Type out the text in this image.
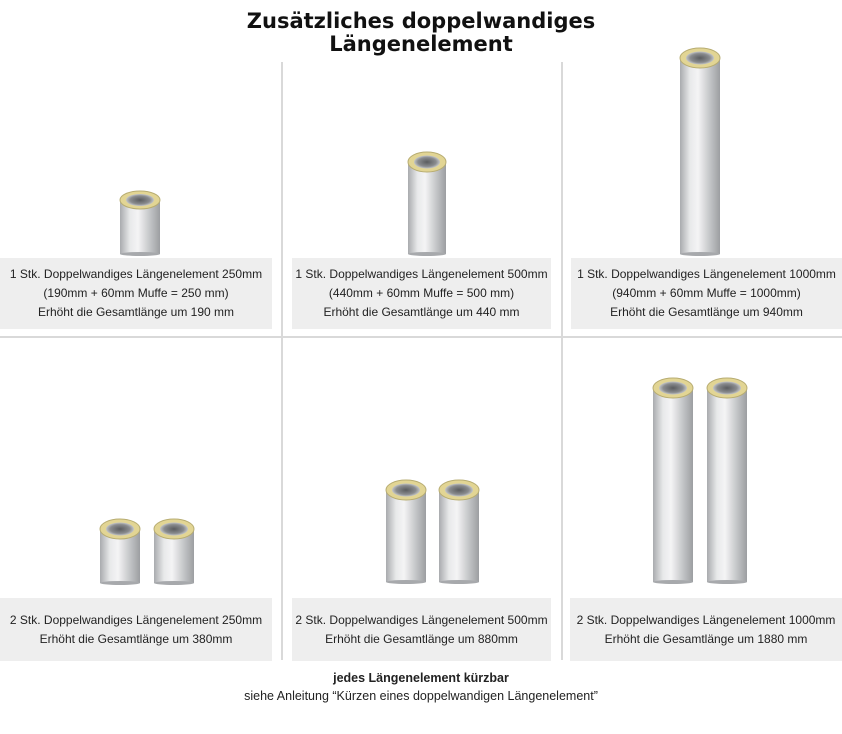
Zusätzliches doppelwandiges
Längenelement
1 Stk. Doppelwandiges Längenelement 250mm
(190mm + 60mm Muffe = 250 mm)
Erhöht die Gesamtlänge um 190 mm
1 Stk. Doppelwandiges Längenelement 500mm
(440mm + 60mm Muffe = 500 mm)
Erhöht die Gesamtlänge um 440 mm
1 Stk. Doppelwandiges Längenelement 1000mm
(940mm + 60mm Muffe = 1000mm)
Erhöht die Gesamtlänge um 940mm
2 Stk. Doppelwandiges Längenelement 250mm
Erhöht die Gesamtlänge um 380mm
2 Stk. Doppelwandiges Längenelement 500mm
Erhöht die Gesamtlänge um 880mm
2 Stk. Doppelwandiges Längenelement 1000mm
Erhöht die Gesamtlänge um 1880 mm
jedes Längenelement kürzbar
siehe Anleitung “Kürzen eines doppelwandigen Längenelement”
